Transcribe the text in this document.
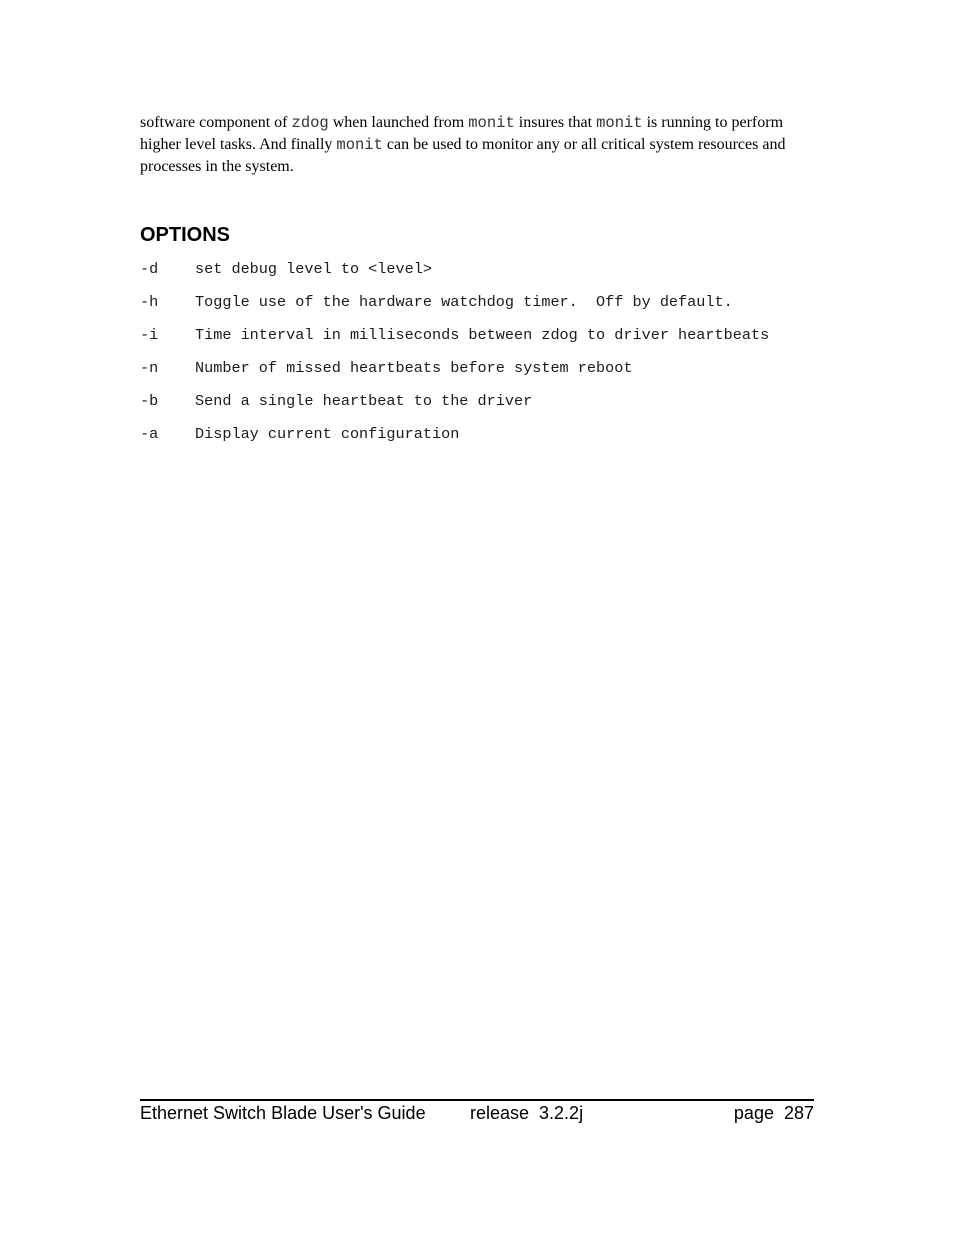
software component of zdog when launched from monit insures that monit is running to perform higher level tasks. And finally monit can be used to monitor any or all critical system resources and processes in the system.
OPTIONS
-d set debug level to <level>
-h Toggle use of the hardware watchdog timer.  Off by default.
-i Time interval in milliseconds between zdog to driver heartbeats
-n Number of missed heartbeats before system reboot
-b Send a single heartbeat to the driver
-a Display current configuration
Ethernet Switch Blade User's Guide release  3.2.2j	page  287
